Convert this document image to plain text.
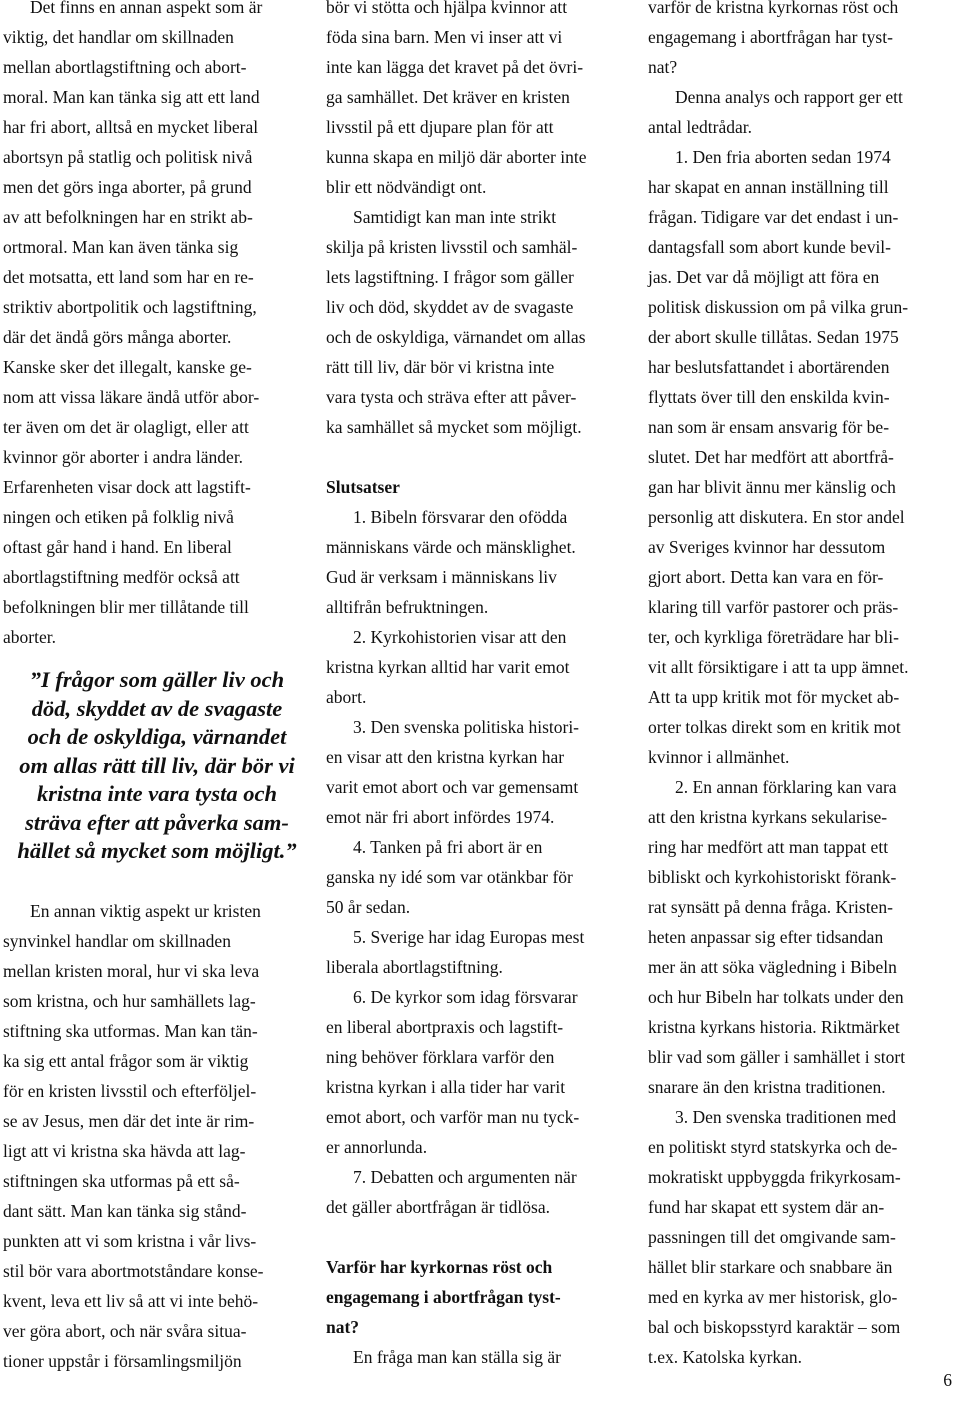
Det finns en annan aspekt som är
viktig, det handlar om skillnaden
mellan abortlagstiftning och abort-
moral. Man kan tänka sig att ett land
har fri abort, alltså en mycket liberal
abortsyn på statlig och politisk nivå
men det görs inga aborter, på grund
av att befolkningen har en strikt ab-
ortmoral. Man kan även tänka sig
det motsatta, ett land som har en re-
striktiv abortpolitik och lagstiftning,
där det ändå görs många aborter.
Kanske sker det illegalt, kanske ge-
nom att vissa läkare ändå utför abor-
ter även om det är olagligt, eller att
kvinnor gör aborter i andra länder.
Erfarenheten visar dock att lagstift-
ningen och etiken på folklig nivå
oftast går hand i hand. En liberal
abortlagstiftning medför också att
befolkningen blir mer tillåtande till
aborter.
”I frågor som gäller liv och
död, skyddet av de svagaste
och de oskyldiga, värnandet
om allas rätt till liv, där bör vi
kristna inte vara tysta och
sträva efter att påverka sam-
hället så mycket som möjligt.”
En annan viktig aspekt ur kristen
synvinkel handlar om skillnaden
mellan kristen moral, hur vi ska leva
som kristna, och hur samhällets lag-
stiftning ska utformas. Man kan tän-
ka sig ett antal frågor som är viktig
för en kristen livsstil och efterföljel-
se av Jesus, men där det inte är rim-
ligt att vi kristna ska hävda att lag-
stiftningen ska utformas på ett så-
dant sätt. Man kan tänka sig stånd-
punkten att vi som kristna i vår livs-
stil bör vara abortmotståndare konse-
kvent, leva ett liv så att vi inte behö-
ver göra abort, och när svåra situa-
tioner uppstår i församlingsmiljön
bör vi stötta och hjälpa kvinnor att
föda sina barn. Men vi inser att vi
inte kan lägga det kravet på det övri-
ga samhället. Det kräver en kristen
livsstil på ett djupare plan för att
kunna skapa en miljö där aborter inte
blir ett nödvändigt ont.
Samtidigt kan man inte strikt
skilja på kristen livsstil och samhäl-
lets lagstiftning. I frågor som gäller
liv och död, skyddet av de svagaste
och de oskyldiga, värnandet om allas
rätt till liv, där bör vi kristna inte
vara tysta och sträva efter att påver-
ka samhället så mycket som möjligt.
Slutsatser
1. Bibeln försvarar den ofödda
människans värde och mänsklighet.
Gud är verksam i människans liv
alltifrån befruktningen.
2. Kyrkohistorien visar att den
kristna kyrkan alltid har varit emot
abort.
3. Den svenska politiska histori-
en visar att den kristna kyrkan har
varit emot abort och var gemensamt
emot när fri abort infördes 1974.
4. Tanken på fri abort är en
ganska ny idé som var otänkbar för
50 år sedan.
5. Sverige har idag Europas mest
liberala abortlagstiftning.
6. De kyrkor som idag försvarar
en liberal abortpraxis och lagstift-
ning behöver förklara varför den
kristna kyrkan i alla tider har varit
emot abort, och varför man nu tyck-
er annorlunda.
7. Debatten och argumenten när
det gäller abortfrågan är tidlösa.
Varför har kyrkornas röst och
engagemang i abortfrågan tyst-
nat?
En fråga man kan ställa sig är
varför de kristna kyrkornas röst och
engagemang i abortfrågan har tyst-
nat?
Denna analys och rapport ger ett
antal ledtrådar.
1. Den fria aborten sedan 1974
har skapat en annan inställning till
frågan. Tidigare var det endast i un-
dantagsfall som abort kunde bevil-
jas. Det var då möjligt att föra en
politisk diskussion om på vilka grun-
der abort skulle tillåtas. Sedan 1975
har beslutsfattandet i abortärenden
flyttats över till den enskilda kvin-
nan som är ensam ansvarig för be-
slutet. Det har medfört att abortfrå-
gan har blivit ännu mer känslig och
personlig att diskutera. En stor andel
av Sveriges kvinnor har dessutom
gjort abort. Detta kan vara en för-
klaring till varför pastorer och präs-
ter, och kyrkliga företrädare har bli-
vit allt försiktigare i att ta upp ämnet.
Att ta upp kritik mot för mycket ab-
orter tolkas direkt som en kritik mot
kvinnor i allmänhet.
2. En annan förklaring kan vara
att den kristna kyrkans sekularise-
ring har medfört att man tappat ett
bibliskt och kyrkohistoriskt förank-
rat synsätt på denna fråga. Kristen-
heten anpassar sig efter tidsandan
mer än att söka vägledning i Bibeln
och hur Bibeln har tolkats under den
kristna kyrkans historia. Riktmärket
blir vad som gäller i samhället i stort
snarare än den kristna traditionen.
3. Den svenska traditionen med
en politiskt styrd statskyrka och de-
mokratiskt uppbyggda frikyrkosam-
fund har skapat ett system där an-
passningen till det omgivande sam-
hället blir starkare och snabbare än
med en kyrka av mer historisk, glo-
bal och biskopsstyrd karaktär – som
t.ex. Katolska kyrkan.
6
